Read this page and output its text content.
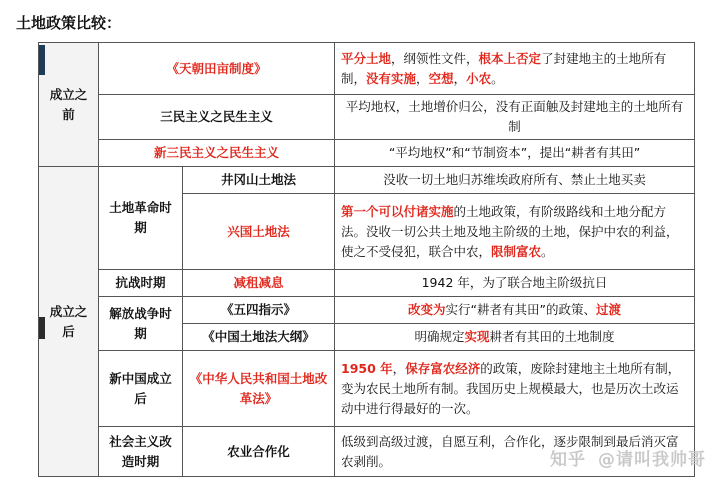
土地政策比较：
成立之前	《天朝田亩制度》		平分土地，纲领性文件，根本上否定了封建地主的土地所有制，没有实施，空想，小农。
	三民主义之民生主义		平均地权，土地增价归公，没有正面触及封建地主的土地所有制
	新三民主义之民生主义		“平均地权”和“节制资本”，提出“耕者有其田”

成立之后	土地革命时期	井冈山土地法	没收一切土地归苏维埃政府所有、禁止土地买卖
		兴国土地法	第一个可以付诸实施的土地政策，有阶级路线和土地分配方法。没收一切公共土地及地主阶级的土地，保护中农的利益，使之不受侵犯，联合中农，限制富农。
	抗战时期	减租减息	1942 年，为了联合地主阶级抗日
	解放战争时期	《五四指示》	改变为实行“耕者有其田”的政策、过渡
		《中国土地法大纲》	明确规定实现耕者有其田的土地制度
	新中国成立后	《中华人民共和国土地改革法》	1950 年，保存富农经济的政策，废除封建地主土地所有制，变为农民土地所有制。我国历史上规模最大，也是历次土改运动中进行得最好的一次。
	社会主义改造时期	农业合作化	低级到高级过渡，自愿互利，合作化，逐步限制到最后消灭富农剥削。	知乎 @请叫我帅哥
